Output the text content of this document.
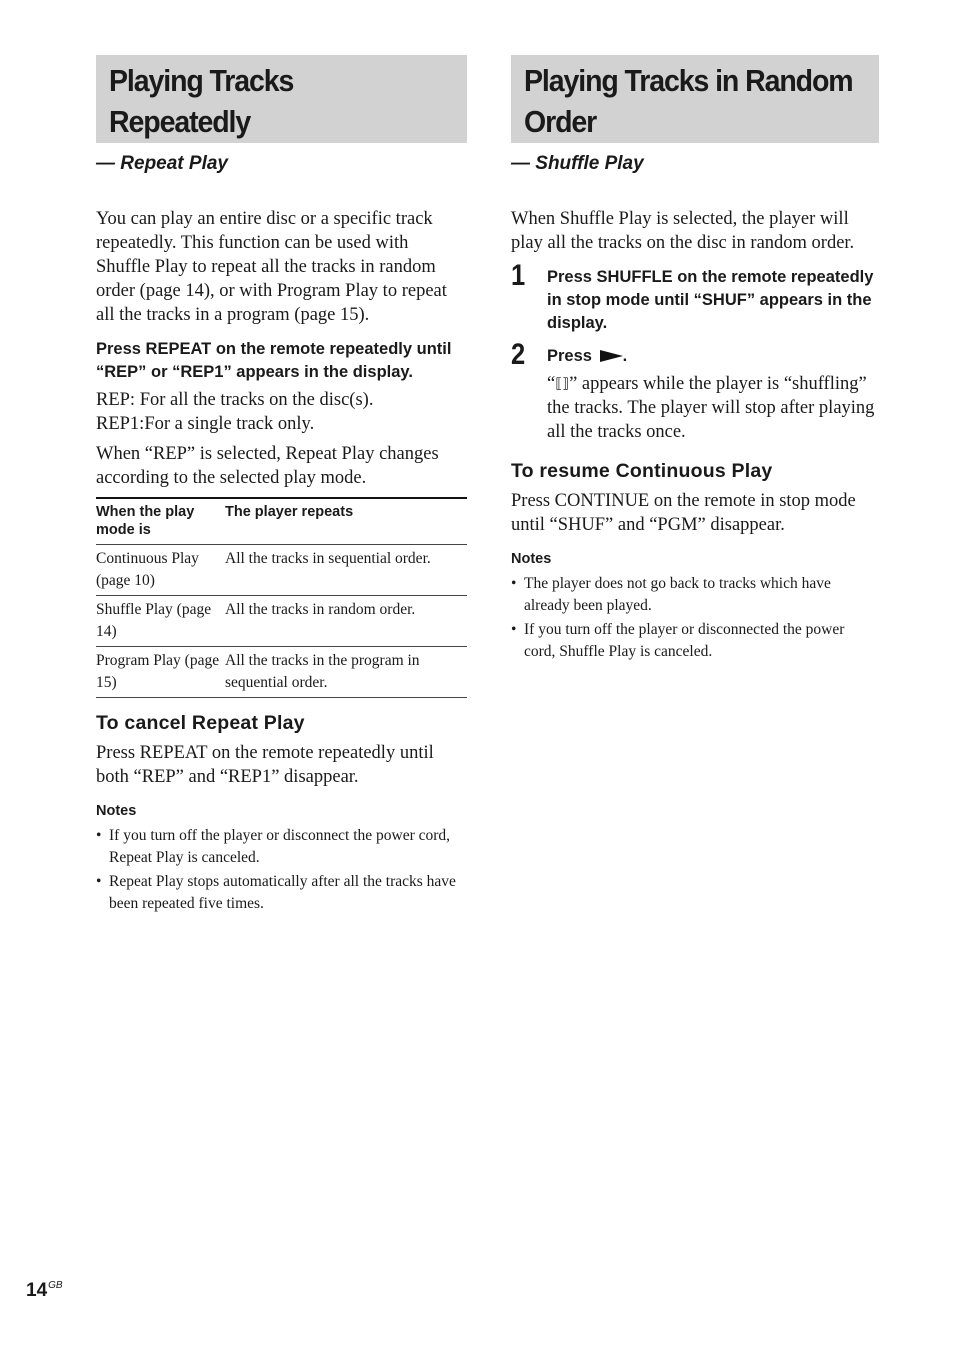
Playing Tracks
Repeatedly
— Repeat Play

You can play an entire disc or a specific track repeatedly. This function can be used with Shuffle Play to repeat all the tracks in random order (page 14), or with Program Play to repeat all the tracks in a program (page 15).

Press REPEAT on the remote repeatedly until “REP” or “REP1” appears in the display.

REP: For all the tracks on the disc(s).

REP1:For a single track only.

When “REP” is selected, Repeat Play changes according to the selected play mode.

When the play mode is	The player repeats
Continuous Play (page 10)	All the tracks in sequential order.
Shuffle Play (page 14)	All the tracks in random order.
Program Play (page 15)	All the tracks in the program in sequential order.
To cancel Repeat Play

Press REPEAT on the remote repeatedly until both “REP” and “REP1” disappear.

Notes
• If you turn off the player or disconnect the power cord, Repeat Play is canceled.
• Repeat Play stops automatically after all the tracks have been repeated five times.
Playing Tracks in Random
Order
— Shuffle Play

When Shuffle Play is selected, the player will play all the tracks on the disc in random order.

1 Press SHUFFLE on the remote repeatedly in stop mode until “SHUF” appears in the display.

2 Press .

“⟦⟧” appears while the player is “shuffling” the tracks. The player will stop after playing all the tracks once.

To resume Continuous Play

Press CONTINUE on the remote in stop mode until “SHUF” and “PGM” disappear.

Notes
• The player does not go back to tracks which have already been played.
• If you turn off the player or disconnected the power cord, Shuffle Play is canceled.
$14^{GB}$
